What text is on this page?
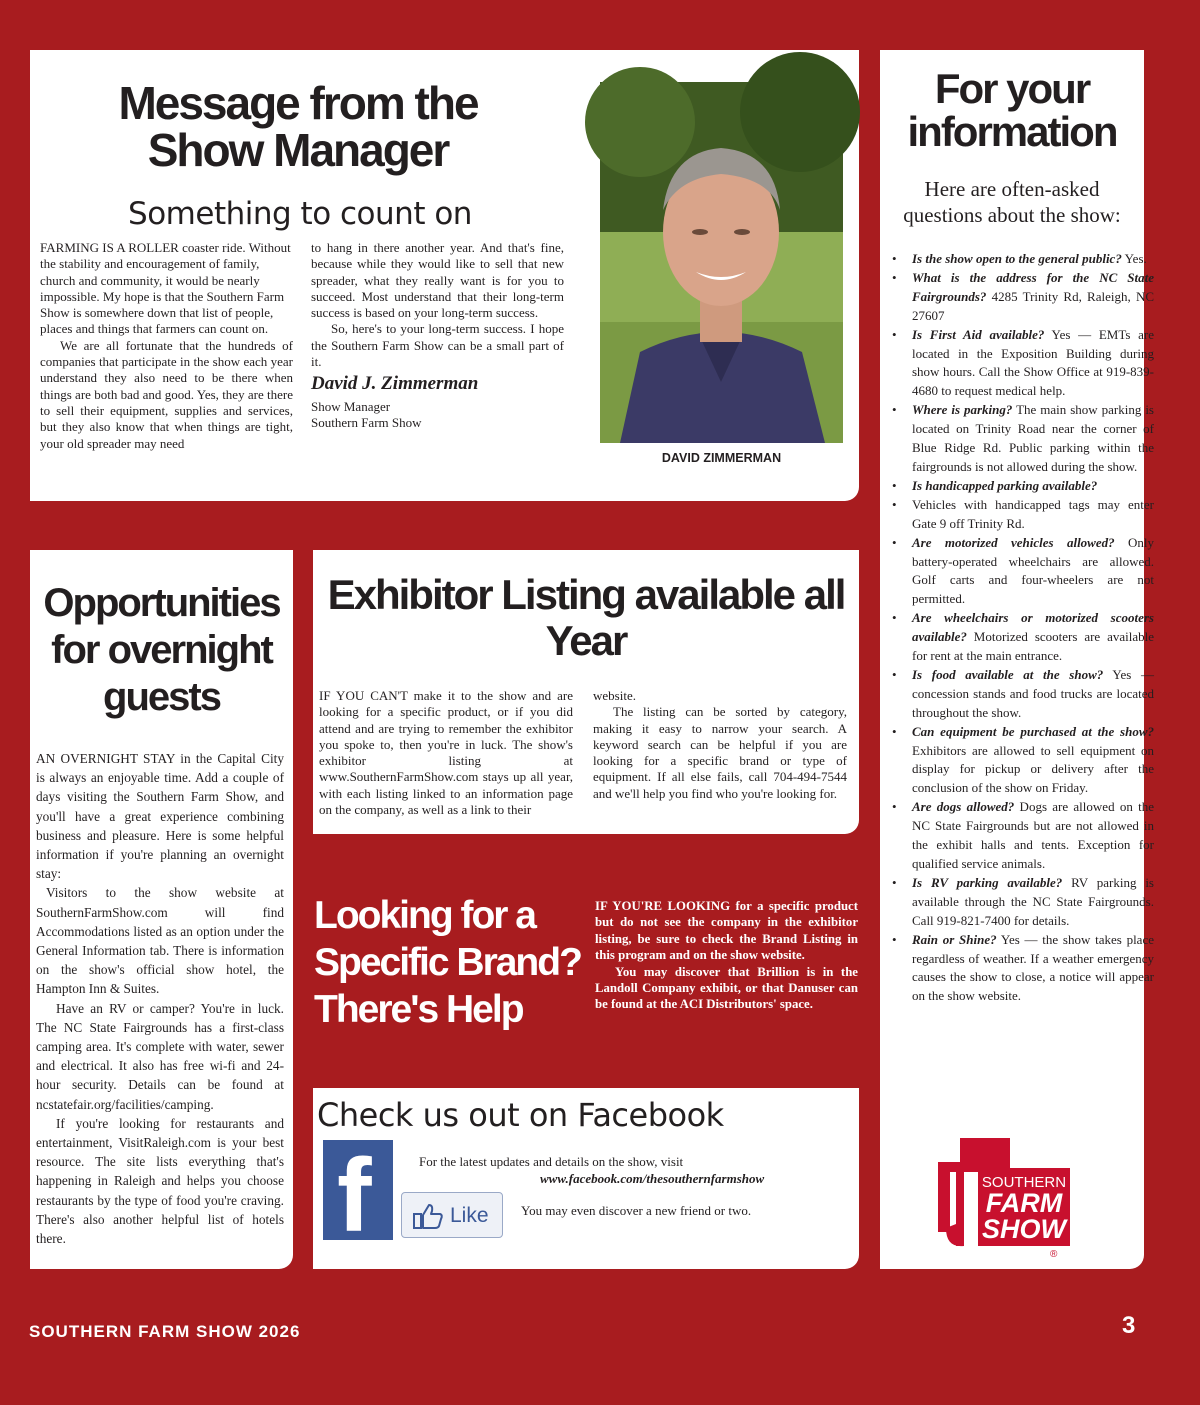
Message from the Show Manager
Something to count on

FARMING IS A ROLLER coaster ride. Without the stability and encouragement of family, church and community, it would be nearly impossible. My hope is that the Southern Farm Show is somewhere down that list of people, places and things that farmers can count on.

We are all fortunate that the hundreds of companies that participate in the show each year understand they also need to be there when things are both bad and good. Yes, they are there to sell their equipment, supplies and services, but they also know that when things are tight, your old spreader may need

to hang in there another year. And that's fine, because while they would like to sell that new spreader, what they really want is for you to succeed. Most understand that their long-term success is based on your long-term success.

So, here's to your long-term success. I hope the Southern Farm Show can be a small part of it.

David J. Zimmerman
Show Manager
Southern Farm Show
DAVID ZIMMERMAN
For your information
Here are often-asked questions about the show:
• Is the show open to the general public? Yes.
• What is the address for the NC State Fairgrounds? 4285 Trinity Rd, Raleigh, NC 27607
• Is First Aid available? Yes — EMTs are located in the Exposition Building during show hours. Call the Show Office at 919-839-4680 to request medical help.
• Where is parking? The main show parking is located on Trinity Road near the corner of Blue Ridge Rd. Public parking within the fairgrounds is not allowed during the show.
• Is handicapped parking available?
• Vehicles with handicapped tags may enter Gate 9 off Trinity Rd.
• Are motorized vehicles allowed? Only battery-operated wheelchairs are allowed. Golf carts and four-wheelers are not permitted.
• Are wheelchairs or motorized scooters available? Motorized scooters are available for rent at the main entrance.
• Is food available at the show? Yes — concession stands and food trucks are located throughout the show.
• Can equipment be purchased at the show? Exhibitors are allowed to sell equipment on display for pickup or delivery after the conclusion of the show on Friday.
• Are dogs allowed? Dogs are allowed on the NC State Fairgrounds but are not allowed in the exhibit halls and tents. Exception for qualified service animals.
• Is RV parking available? RV parking is available through the NC State Fairgrounds. Call 919-821-7400 for details.
• Rain or Shine? Yes — the show takes place regardless of weather. If a weather emergency causes the show to close, a notice will appear on the show website.
SOUTHERN
FARM
SHOW
®
Opportunities for overnight guests

AN OVERNIGHT STAY in the Capital City is always an enjoyable time. Add a couple of days visiting the Southern Farm Show, and you'll have a great experience combining business and pleasure. Here is some helpful information if you're planning an overnight stay:

Visitors to the show website at SouthernFarmShow.com will find Accommodations listed as an option under the General Information tab. There is information on the show's official show hotel, the Hampton Inn & Suites.

Have an RV or camper? You're in luck. The NC State Fairgrounds has a first-class camping area. It's complete with water, sewer and electrical. It also has free wi-fi and 24-hour security. Details can be found at ncstatefair.org/facilities/camping.

If you're looking for restaurants and entertainment, VisitRaleigh.com is your best resource. The site lists everything that's happening in Raleigh and helps you choose restaurants by the type of food you're craving. There's also another helpful list of hotels there.

Exhibitor Listing available all Year

IF YOU CAN'T make it to the show and are looking for a specific product, or if you did attend and are trying to remember the exhibitor you spoke to, then you're in luck. The show's exhibitor listing at www.SouthernFarmShow.com stays up all year, with each listing linked to an information page on the company, as well as a link to their

website.

The listing can be sorted by category, making it easy to narrow your search. A keyword search can be helpful if you are looking for a specific brand or type of equipment. If all else fails, call 704-494-7544 and we'll help you find who you're looking for.

Looking for a Specific Brand? There's Help

IF YOU'RE LOOKING for a specific product but do not see the company in the exhibitor listing, be sure to check the Brand Listing in this program and on the show website.

You may discover that Brillion is in the Landoll Company exhibit, or that Danuser can be found at the ACI Distributors' space.

Check us out on Facebook
f	Like
For the latest updates and details on the show, visit
www.facebook.com/thesouthernfarmshow
You may even discover a new friend or two.
SOUTHERN FARM SHOW 2026	3
